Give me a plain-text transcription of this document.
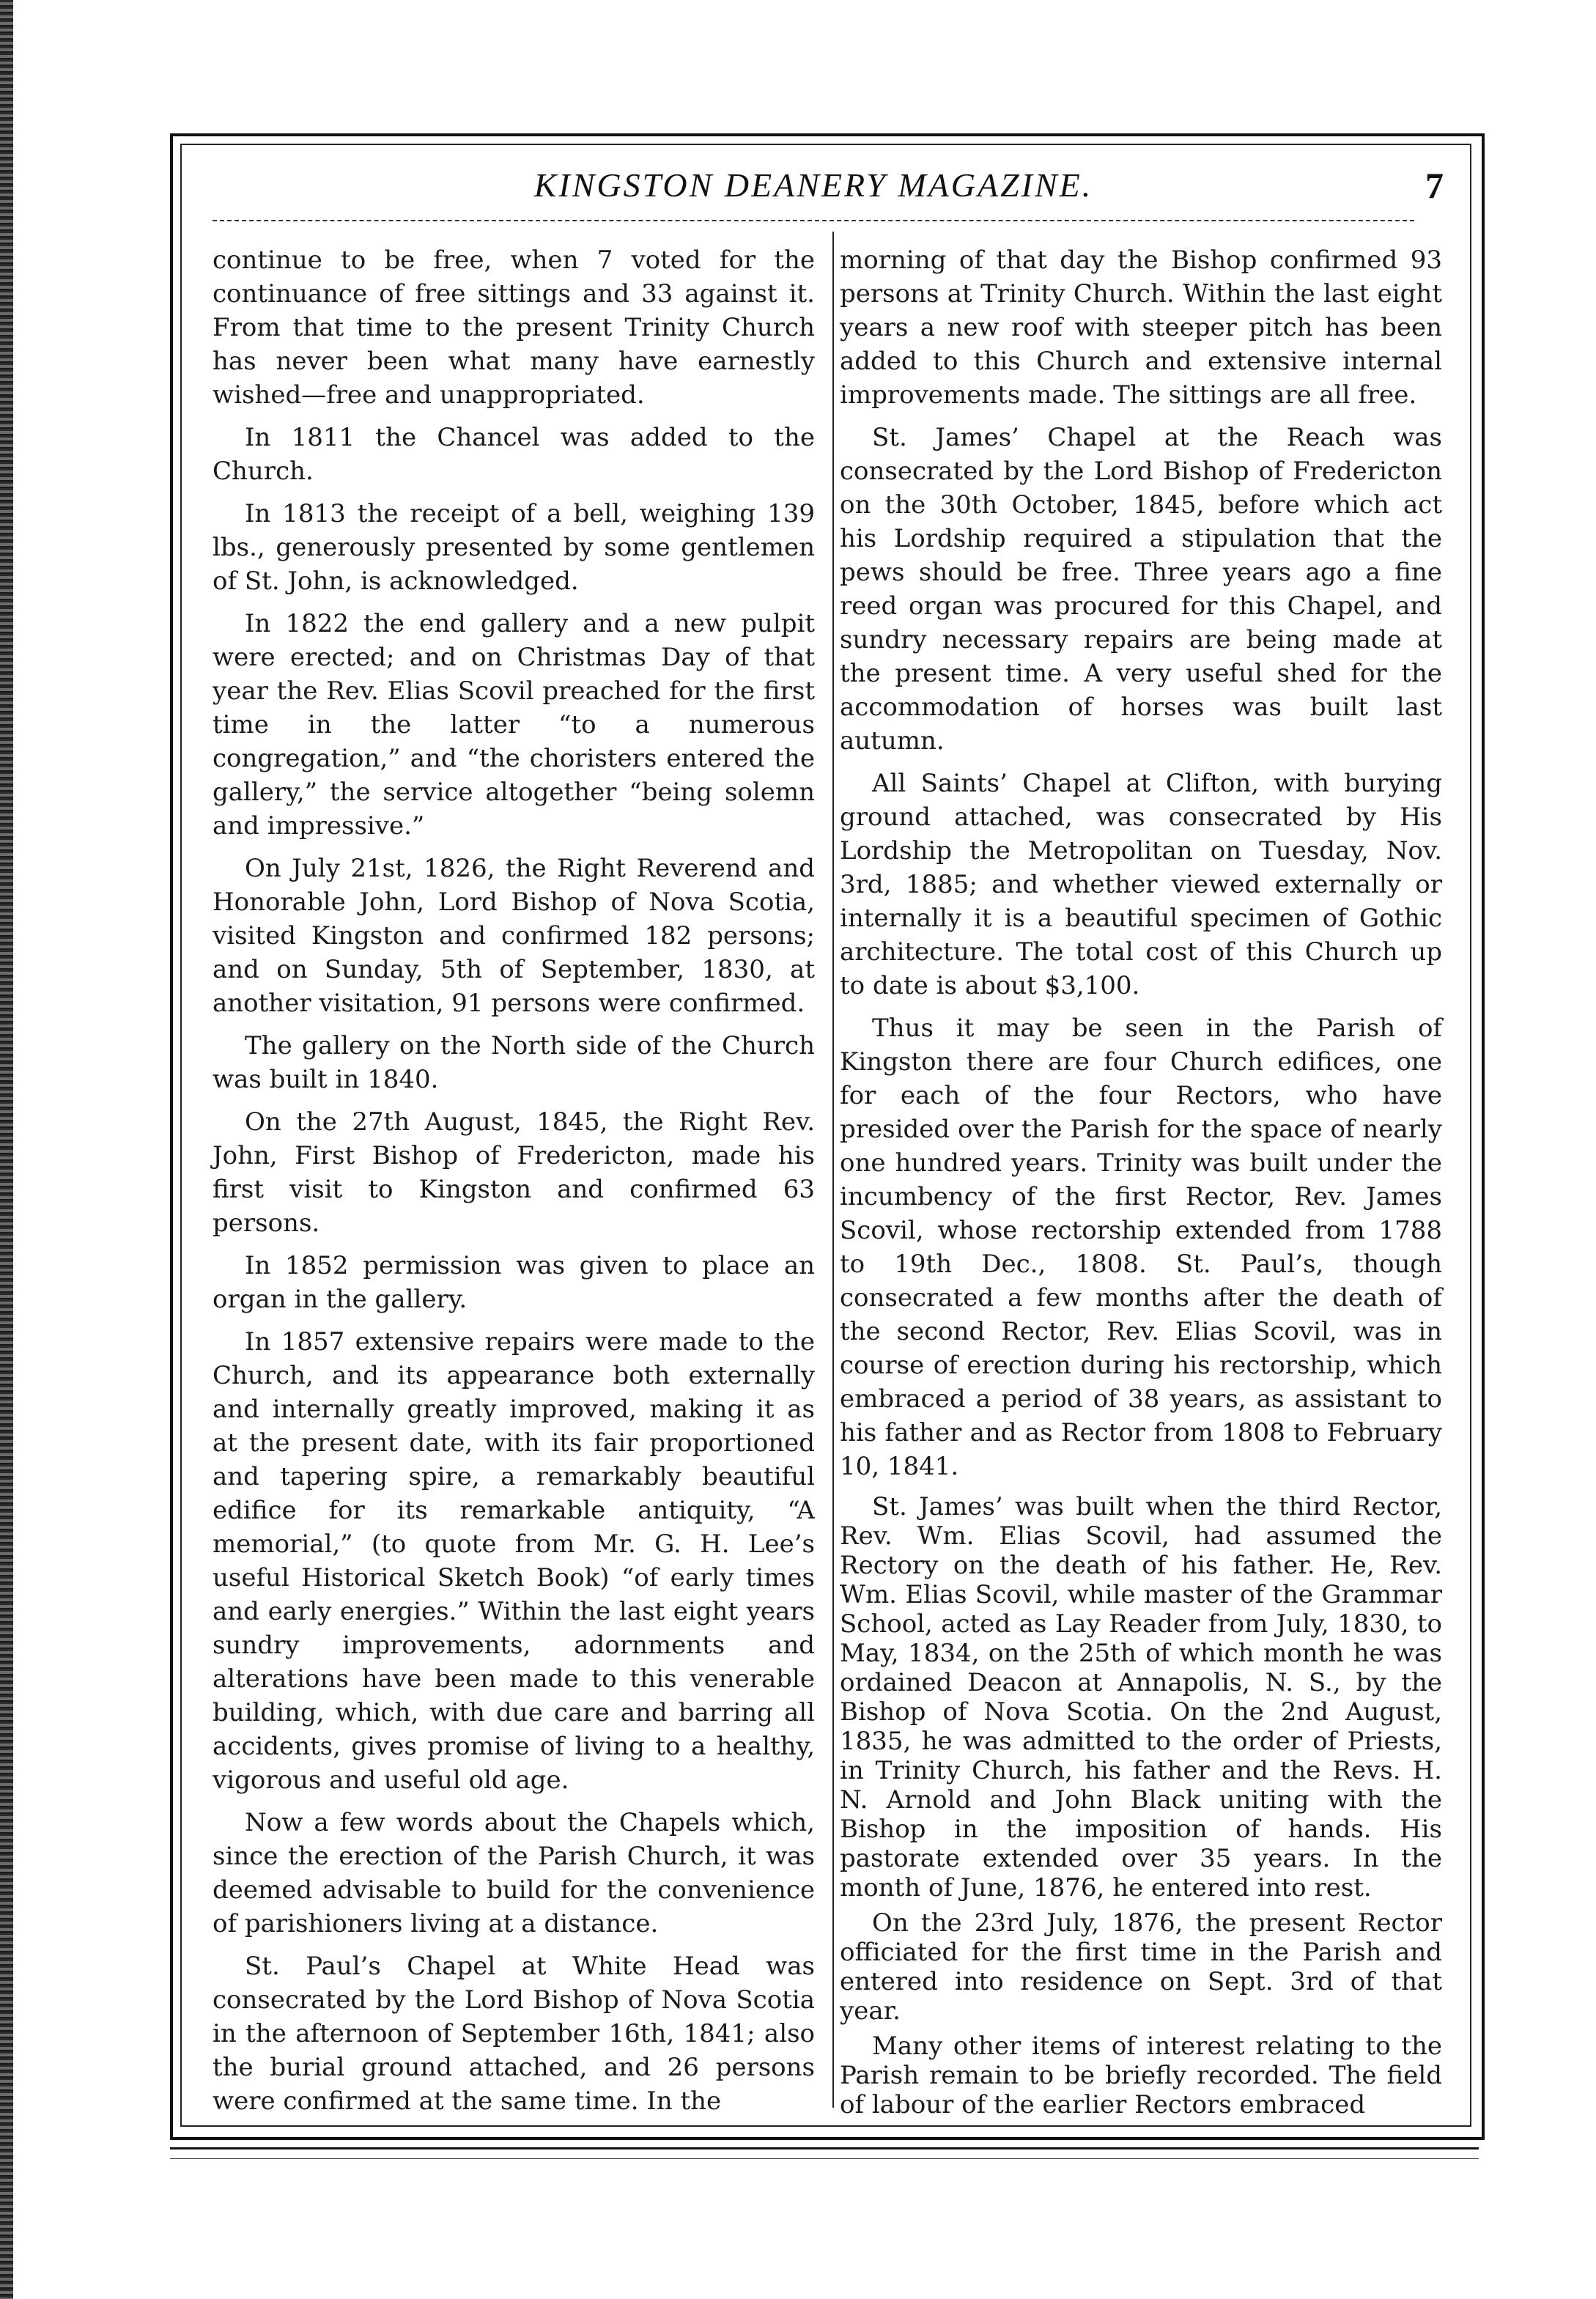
KINGSTON DEANERY MAGAZINE.	7

continue to be free, when 7 voted for the continuance of free sittings and 33 against it. From that time to the present Trinity Church has never been what many have earnestly wished—free and unappropriated.

In 1811 the Chancel was added to the Church.

In 1813 the receipt of a bell, weighing 139 lbs., generously presented by some gentlemen of St. John, is acknowledged.

In 1822 the end gallery and a new pulpit were erected; and on Christmas Day of that year the Rev. Elias Scovil preached for the first time in the latter “to a numerous congregation,” and “the choristers entered the gallery,” the service altogether “being solemn and impressive.”

On July 21st, 1826, the Right Reverend and Honorable John, Lord Bishop of Nova Scotia, visited Kingston and confirmed 182 persons; and on Sunday, 5th of September, 1830, at another visitation, 91 persons were confirmed.

The gallery on the North side of the Church was built in 1840.

On the 27th August, 1845, the Right Rev. John, First Bishop of Fredericton, made his first visit to Kingston and confirmed 63 persons.

In 1852 permission was given to place an organ in the gallery.

In 1857 extensive repairs were made to the Church, and its appearance both externally and internally greatly improved, making it as at the present date, with its fair proportioned and tapering spire, a remarkably beautiful edifice for its remarkable antiquity, “A memorial,” (to quote from Mr. G. H. Lee’s useful Historical Sketch Book) “of early times and early energies.” Within the last eight years sundry improvements, adornments and alterations have been made to this venerable building, which, with due care and barring all accidents, gives promise of living to a healthy, vigorous and useful old age.

Now a few words about the Chapels which, since the erection of the Parish Church, it was deemed advisable to build for the convenience of parishioners living at a distance.

St. Paul’s Chapel at White Head was consecrated by the Lord Bishop of Nova Scotia in the afternoon of September 16th, 1841; also the burial ground attached, and 26 persons were confirmed at the same time. In the

morning of that day the Bishop confirmed 93 persons at Trinity Church. Within the last eight years a new roof with steeper pitch has been added to this Church and extensive internal improvements made. The sittings are all free.

St. James’ Chapel at the Reach was consecrated by the Lord Bishop of Fredericton on the 30th October, 1845, before which act his Lordship required a stipulation that the pews should be free. Three years ago a fine reed organ was procured for this Chapel, and sundry necessary repairs are being made at the present time. A very useful shed for the accommodation of horses was built last autumn.

All Saints’ Chapel at Clifton, with burying ground attached, was consecrated by His Lordship the Metropolitan on Tuesday, Nov. 3rd, 1885; and whether viewed externally or internally it is a beautiful specimen of Gothic architecture. The total cost of this Church up to date is about $3,100.

Thus it may be seen in the Parish of Kingston there are four Church edifices, one for each of the four Rectors, who have presided over the Parish for the space of nearly one hundred years. Trinity was built under the incumbency of the first Rector, Rev. James Scovil, whose rectorship extended from 1788 to 19th Dec., 1808. St. Paul’s, though consecrated a few months after the death of the second Rector, Rev. Elias Scovil, was in course of erection during his rectorship, which embraced a period of 38 years, as assistant to his father and as Rector from 1808 to February 10, 1841.

St. James’ was built when the third Rector, Rev. Wm. Elias Scovil, had assumed the Rectory on the death of his father. He, Rev. Wm. Elias Scovil, while master of the Grammar School, acted as Lay Reader from July, 1830, to May, 1834, on the 25th of which month he was ordained Deacon at Annapolis, N. S., by the Bishop of Nova Scotia. On the 2nd August, 1835, he was admitted to the order of Priests, in Trinity Church, his father and the Revs. H. N. Arnold and John Black uniting with the Bishop in the imposition of hands. His pastorate extended over 35 years. In the month of June, 1876, he entered into rest.

On the 23rd July, 1876, the present Rector officiated for the first time in the Parish and entered into residence on Sept. 3rd of that year.

Many other items of interest relating to the Parish remain to be briefly recorded. The field of labour of the earlier Rectors embraced
